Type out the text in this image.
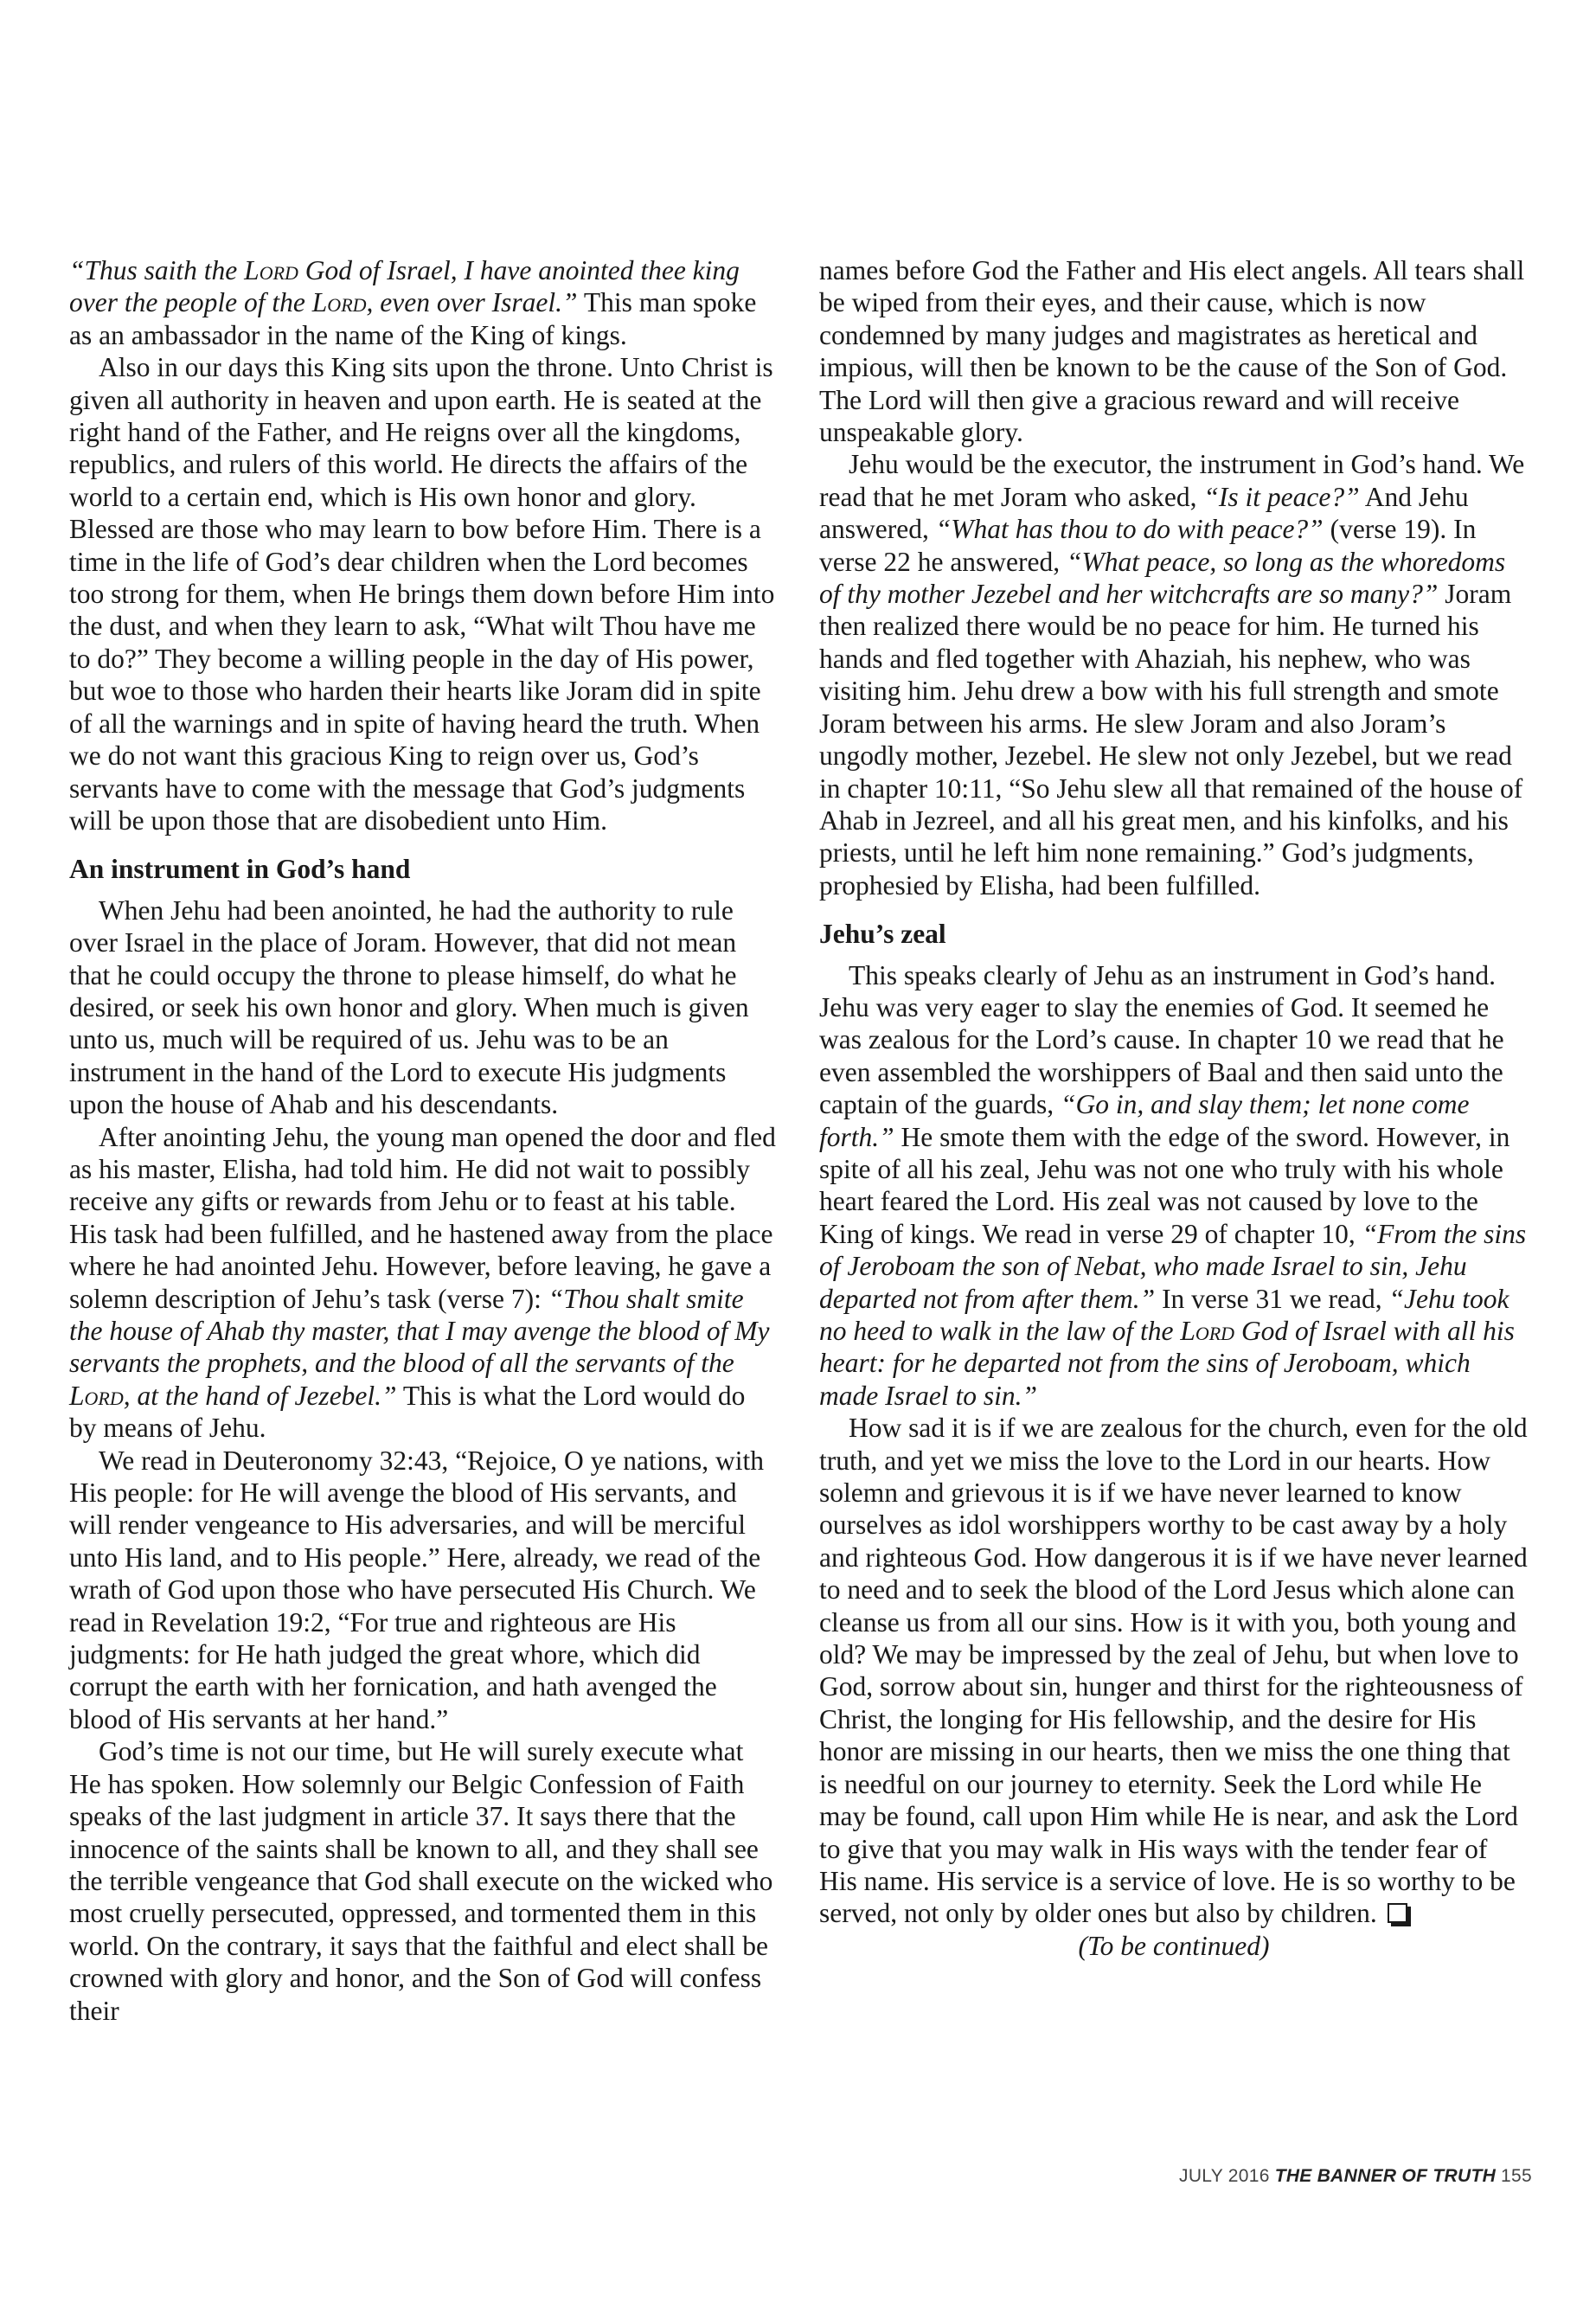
“Thus saith the Lord God of Israel, I have anointed thee king over the people of the Lord, even over Israel.” This man spoke as an ambassador in the name of the King of kings.

Also in our days this King sits upon the throne. Unto Christ is given all authority in heaven and upon earth. He is seated at the right hand of the Father, and He reigns over all the kingdoms, republics, and rulers of this world. He directs the affairs of the world to a certain end, which is His own honor and glory. Blessed are those who may learn to bow before Him. There is a time in the life of God’s dear children when the Lord becomes too strong for them, when He brings them down before Him into the dust, and when they learn to ask, “What wilt Thou have me to do?” They become a willing people in the day of His power, but woe to those who harden their hearts like Joram did in spite of all the warnings and in spite of having heard the truth. When we do not want this gracious King to reign over us, God’s servants have to come with the message that God’s judgments will be upon those that are disobedient unto Him.

An instrument in God’s hand

When Jehu had been anointed, he had the authority to rule over Israel in the place of Joram. However, that did not mean that he could occupy the throne to please himself, do what he desired, or seek his own honor and glory. When much is given unto us, much will be required of us. Jehu was to be an instrument in the hand of the Lord to execute His judgments upon the house of Ahab and his descendants.

After anointing Jehu, the young man opened the door and fled as his master, Elisha, had told him. He did not wait to possibly receive any gifts or rewards from Jehu or to feast at his table. His task had been fulfilled, and he hastened away from the place where he had anointed Jehu. However, before leaving, he gave a solemn description of Jehu’s task (verse 7): “Thou shalt smite the house of Ahab thy master, that I may avenge the blood of My servants the prophets, and the blood of all the servants of the Lord, at the hand of Jezebel.” This is what the Lord would do by means of Jehu.

We read in Deuteronomy 32:43, “Rejoice, O ye nations, with His people: for He will avenge the blood of His servants, and will render vengeance to His adversaries, and will be merciful unto His land, and to His people.” Here, already, we read of the wrath of God upon those who have persecuted His Church. We read in Revelation 19:2, “For true and righteous are His judgments: for He hath judged the great whore, which did corrupt the earth with her fornication, and hath avenged the blood of His servants at her hand.”

God’s time is not our time, but He will surely execute what He has spoken. How solemnly our Belgic Confession of Faith speaks of the last judgment in article 37. It says there that the innocence of the saints shall be known to all, and they shall see the terrible vengeance that God shall execute on the wicked who most cruelly persecuted, oppressed, and tormented them in this world. On the contrary, it says that the faithful and elect shall be crowned with glory and honor, and the Son of God will confess their

names before God the Father and His elect angels. All tears shall be wiped from their eyes, and their cause, which is now condemned by many judges and magistrates as heretical and impious, will then be known to be the cause of the Son of God. The Lord will then give a gracious reward and will receive unspeakable glory.

Jehu would be the executor, the instrument in God’s hand. We read that he met Joram who asked, “Is it peace?” And Jehu answered, “What has thou to do with peace?” (verse 19). In verse 22 he answered, “What peace, so long as the whoredoms of thy mother Jezebel and her witchcrafts are so many?” Joram then realized there would be no peace for him. He turned his hands and fled together with Ahaziah, his nephew, who was visiting him. Jehu drew a bow with his full strength and smote Joram between his arms. He slew Joram and also Joram’s ungodly mother, Jezebel. He slew not only Jezebel, but we read in chapter 10:11, “So Jehu slew all that remained of the house of Ahab in Jezreel, and all his great men, and his kinfolks, and his priests, until he left him none remaining.” God’s judgments, prophesied by Elisha, had been fulfilled.

Jehu’s zeal

This speaks clearly of Jehu as an instrument in God’s hand. Jehu was very eager to slay the enemies of God. It seemed he was zealous for the Lord’s cause. In chapter 10 we read that he even assembled the worshippers of Baal and then said unto the captain of the guards, “Go in, and slay them; let none come forth.” He smote them with the edge of the sword. However, in spite of all his zeal, Jehu was not one who truly with his whole heart feared the Lord. His zeal was not caused by love to the King of kings. We read in verse 29 of chapter 10, “From the sins of Jeroboam the son of Nebat, who made Israel to sin, Jehu departed not from after them.” In verse 31 we read, “Jehu took no heed to walk in the law of the Lord God of Israel with all his heart: for he departed not from the sins of Jeroboam, which made Israel to sin.”

How sad it is if we are zealous for the church, even for the old truth, and yet we miss the love to the Lord in our hearts. How solemn and grievous it is if we have never learned to know ourselves as idol worshippers worthy to be cast away by a holy and righteous God. How dangerous it is if we have never learned to need and to seek the blood of the Lord Jesus which alone can cleanse us from all our sins. How is it with you, both young and old? We may be impressed by the zeal of Jehu, but when love to God, sorrow about sin, hunger and thirst for the righteousness of Christ, the longing for His fellowship, and the desire for His honor are missing in our hearts, then we miss the one thing that is needful on our journey to eternity. Seek the Lord while He may be found, call upon Him while He is near, and ask the Lord to give that you may walk in His ways with the tender fear of His name. His service is a service of love. He is so worthy to be served, not only by older ones but also by children.

(To be continued)

JULY 2016 THE BANNER OF TRUTH 155
